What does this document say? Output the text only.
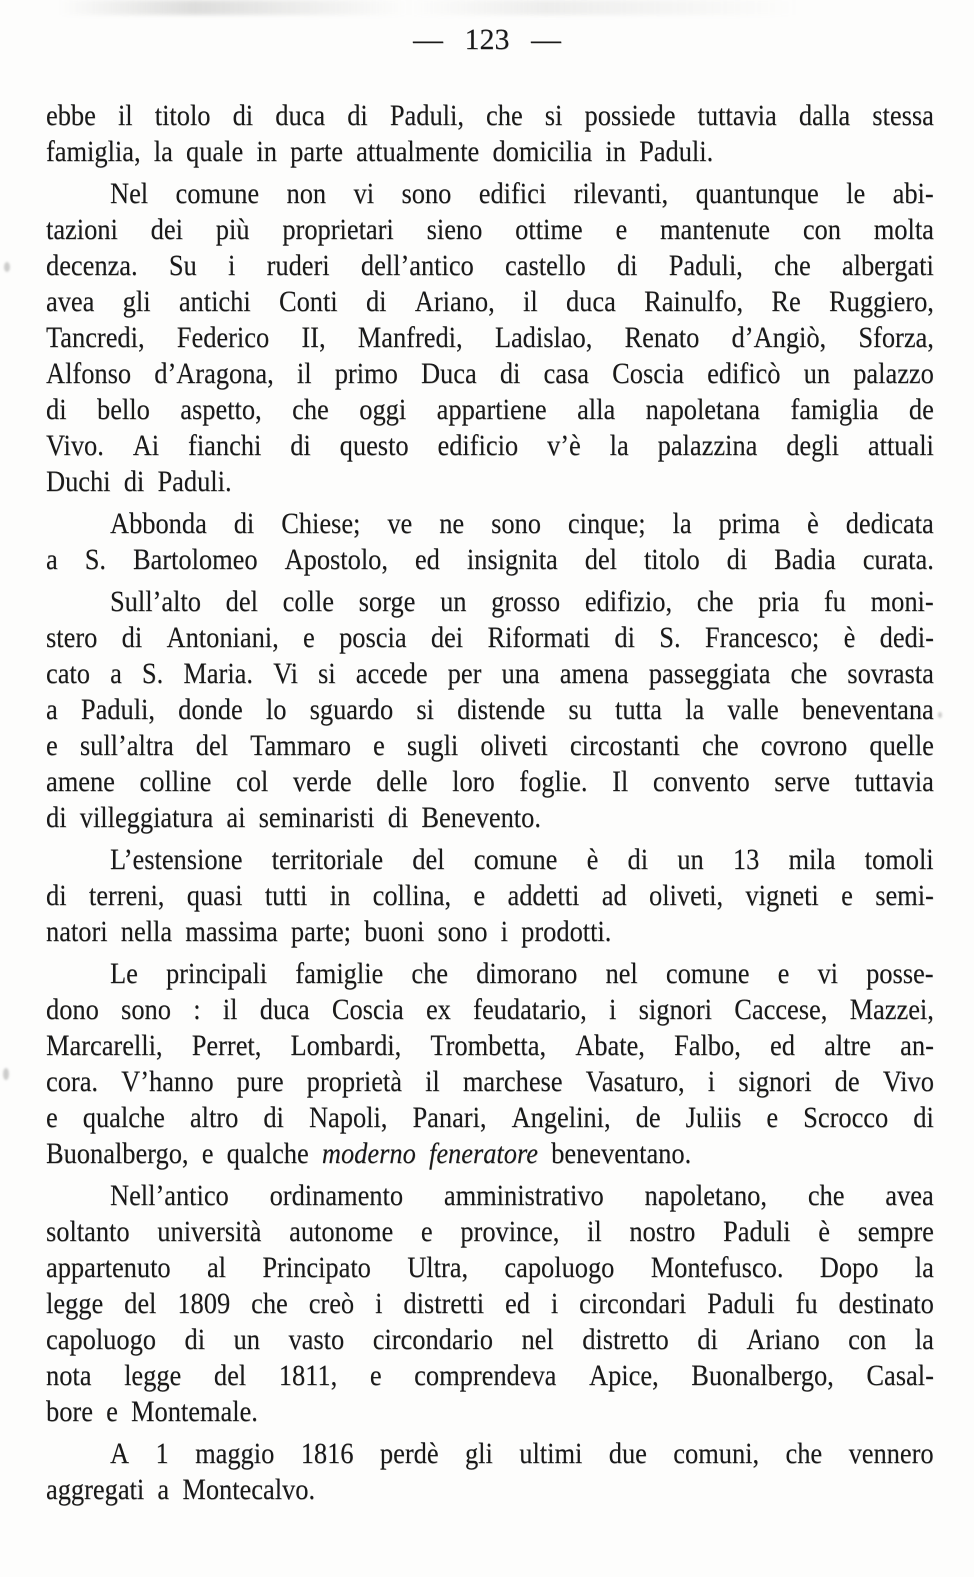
— 123 —
ebbe il titolo di duca di Paduli, che si possiede tuttavia dalla stessa
famiglia, la quale in parte attualmente domicilia in Paduli.
Nel comune non vi sono edifici rilevanti, quantunque le abi-
tazioni dei più proprietari sieno ottime e mantenute con molta
decenza. Su i ruderi dell’antico castello di Paduli, che albergati
avea gli antichi Conti di Ariano, il duca Rainulfo, Re Ruggiero,
Tancredi, Federico II, Manfredi, Ladislao, Renato d’Angiò, Sforza,
Alfonso d’Aragona, il primo Duca di casa Coscia edificò un palazzo
di bello aspetto, che oggi appartiene alla napoletana famiglia de
Vivo. Ai fianchi di questo edificio v’è la palazzina degli attuali
Duchi di Paduli.
Abbonda di Chiese; ve ne sono cinque; la prima è dedicata
a S. Bartolomeo Apostolo, ed insignita del titolo di Badia curata.
Sull’alto del colle sorge un grosso edifizio, che pria fu moni-
stero di Antoniani, e poscia dei Riformati di S. Francesco; è dedi-
cato a S. Maria. Vi si accede per una amena passeggiata che sovrasta
a Paduli, donde lo sguardo si distende su tutta la valle beneventana
e sull’altra del Tammaro e sugli oliveti circostanti che covrono quelle
amene colline col verde delle loro foglie. Il convento serve tuttavia
di villeggiatura ai seminaristi di Benevento.
L’estensione territoriale del comune è di un 13 mila tomoli
di terreni, quasi tutti in collina, e addetti ad oliveti, vigneti e semi-
natori nella massima parte; buoni sono i prodotti.
Le principali famiglie che dimorano nel comune e vi posse-
dono sono : il duca Coscia ex feudatario, i signori Caccese, Mazzei,
Marcarelli, Perret, Lombardi, Trombetta, Abate, Falbo, ed altre an-
cora. V’hanno pure proprietà il marchese Vasaturo, i signori de Vivo
e qualche altro di Napoli, Panari, Angelini, de Juliis e Scrocco di
Buonalbergo, e qualche moderno feneratore beneventano.
Nell’antico ordinamento amministrativo napoletano, che avea
soltanto università autonome e province, il nostro Paduli è sempre
appartenuto al Principato Ultra, capoluogo Montefusco. Dopo la
legge del 1809 che creò i distretti ed i circondari Paduli fu destinato
capoluogo di un vasto circondario nel distretto di Ariano con la
nota legge del 1811, e comprendeva Apice, Buonalbergo, Casal-
bore e Montemale.
A 1 maggio 1816 perdè gli ultimi due comuni, che vennero
aggregati a Montecalvo.
